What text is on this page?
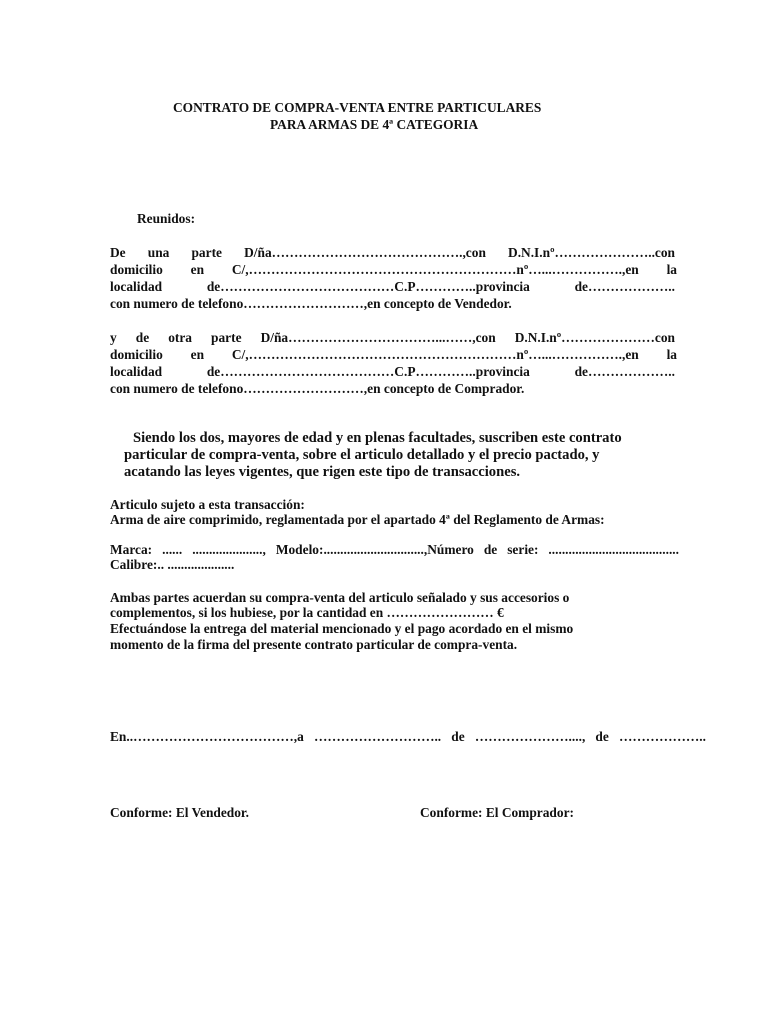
CONTRATO DE COMPRA-VENTA ENTRE PARTICULARES
PARA ARMAS DE 4ª CATEGORIA
Reunidos:
De una parte D/ña…………………………………….,con D.N.I.nº…………………..con
domicilio en C/,……………………………………………………nº…...…………….,en la
localidad de…………………………………C.P…………..provincia de………………..
con numero de telefono………………………,en concepto de Vendedor.
y de otra parte D/ña……………………………...……,con D.N.I.nº…………………con
domicilio en C/,……………………………………………………nº…...…………….,en la
localidad de…………………………………C.P…………..provincia de………………..
con numero de telefono………………………,en concepto de Comprador.
Siendo los dos, mayores de edad y en plenas facultades, suscriben este contrato
particular de compra-venta, sobre el articulo detallado y el precio pactado, y
acatando las leyes vigentes, que rigen este tipo de transacciones.
Articulo sujeto a esta transacción:
Arma de aire comprimido, reglamentada por el apartado 4ª del Reglamento de Armas:
Marca: ...... ....................., Modelo:..............................,Número de serie: .......................................
Calibre:.. ....................
Ambas partes acuerdan su compra-venta del articulo señalado y sus accesorios o
complementos, si los hubiese, por la cantidad en …………………… €
Efectuándose la entrega del material mencionado y el pago acordado en el mismo
momento de la firma del presente contrato particular de compra-venta.
En..………………………………,a ……………………….. de …………………...., de ………………..
Conforme: El Vendedor.	Conforme: El Comprador:
